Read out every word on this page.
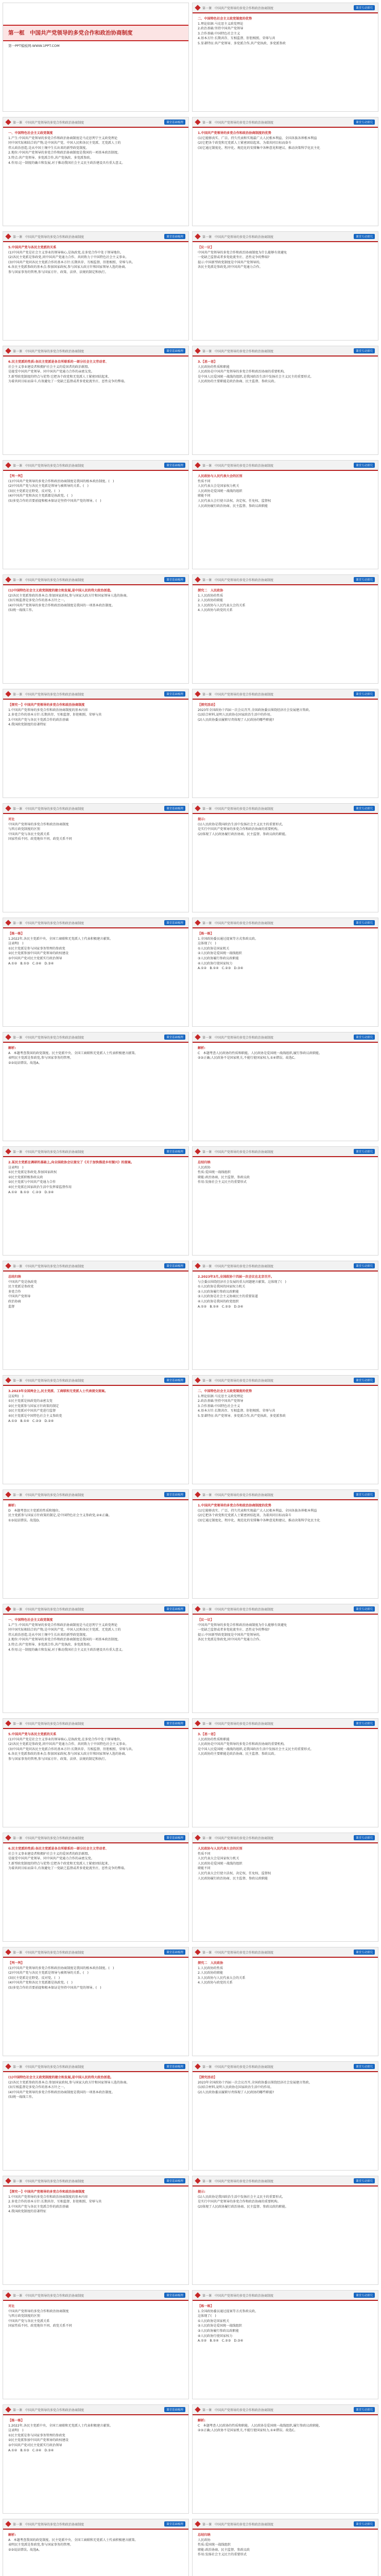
第一框　中国共产党领导的多党合作和政治协商制度
第一PPT模板网-WWW.1PPT.COM
第一课　中国共产党领导的多党合作和政治协商制度	课堂基础梳理

一、中国特色社会主义政党制度

1.产生:中国共产党领导的多党合作和政治协商制度是马克思列宁主义政党理论

同中国实际相结合的产物,是中国共产党、中国人民和各民主党派、无党派人士的

伟大政治创造,是从中国土壤中生长出来的新型政党制度。

2.地位:中国共产党领导的多党合作和政治协商制度是我国的一项基本政治制度。

3.特点:共产党领导、多党派合作,共产党执政、多党派参政。

4.作用:这一制度的确立和发展,对于推动我国社会主义民主政治建设具有重大意义。

第一课　中国共产党领导的多党合作和政治协商制度	课堂基础梳理

5.中国共产党与各民主党派的关系

(1)中国共产党是社会主义事业的领导核心,是执政党,在多党合作中处于领导地位。

(2)各民主党派是参政党,同中国共产党通力合作、共同致力于中国特色社会主义事业。

(3)中国共产党同各民主党派合作的基本方针:长期共存、互相监督、肝胆相照、荣辱与共。

6.各民主党派参政的基本点:参加国家政权,参与国家大政方针和国家领导人选的协商,

参与国家事务的管理,参与国家方针、政策、法律、法规的制定和执行。

第一课　中国共产党领导的多党合作和政治协商制度	课堂基础梳理

6.民主党派的性质:各民主党派是各自所联系的一部分社会主义劳动者、

社会主义事业建设者和拥护社会主义的爱国者的政治联盟,

是接受中国共产党领导、同中国共产党通力合作的亲密友党。

7.新型政党制度的特点与优势:它把各个政党和无党派人士紧密团结起来、

为着共同目标而奋斗,有效避免了一党缺乏监督或者多党轮流坐庄、恶性竞争的弊端。

第一课　中国共产党领导的多党合作和政治协商制度	课堂基础梳理

【判一判】

(1)中国共产党领导的多党合作和政治协商制度是我国的根本政治制度。(　)

(2)中国共产党与各民主党派是领导与被领导的关系。(　)

(3)民主党派是在野党、反对党。(　)

(4)中国共产党和各民主党派都是执政党。(　)

(5)多党合作的首要前提和根本保证是坚持中国共产党的领导。(　)

第一课　中国共产党领导的多党合作和政治协商制度	课堂基础梳理

(1)中国特色社会主义政党制度的建立和发展,是中国人民的伟大政治创造。

(2)各民主党派参政的基本点:参加国家政权,参与国家大政方针和国家领导人选的协商。

(3)互相监督是多党合作的基本方针之一。

(4)中国共产党领导的多党合作和政治协商制度是我国的一项基本政治制度。

(5)统一战线工作。

第一课　中国共产党领导的多党合作和政治协商制度	课堂基础梳理

【探究一】中国共产党领导的多党合作和政治协商制度

1.中国共产党领导的多党合作和政治协商制度的基本内容

2.多党合作的基本方针:长期共存、互相监督、肝胆相照、荣辱与共

3.中国共产党与各民主党派合作的政治基础

4.我国政党制度的显著特征

第一课　中国共产党领导的多党合作和政治协商制度	课堂基础梳理

对比

中国共产党领导的多党合作和政治协商制度

与西方政党制度的区别

中国共产党与各民主党派关系

国家性质不同、政党地位不同、政党关系不同

第一课　中国共产党领导的多党合作和政治协商制度	课堂基础梳理

【练一练】

1.2022年,各民主党派中央、全国工商联和无党派人士代表积极建言献策。

这表明(　)

①民主党派是参与国家事务管理的参政党

②民主党派参加中国共产党领导的政权建设

③中国共产党对民主党派实行政治领导

A.①②　B.①③　C.②④　D.③④

第一课　中国共产党领导的多党合作和政治协商制度	课堂基础梳理

解析:

A　本题考查我国的政党制度。民主党派中央、全国工商联和无党派人士代表积极建言献策,

表明民主党派是参政党,参与国家事务的管理。

②③说法错误。故选A。

第一课　中国共产党领导的多党合作和政治协商制度	课堂基础梳理

2.某民主党派在调研的基础上,向全国政协会议提交了《关于加快推进乡村振兴》的提案。

这表明(　)

①民主党派是参政党,参加国家政权

②民主党派积极参政议政

③民主党派与中国共产党通力合作

④民主党派在国家政治生活中发挥着监督作用

A.①②　B.①③　C.②③　D.③④

第一课　中国共产党领导的多党合作和政治协商制度	课堂基础梳理

总结归纳

中国共产党是执政党

民主党派是参政党

多党合作

中国共产党领导

政治协商

监督

第一课　中国共产党领导的多党合作和政治协商制度	课堂基础梳理

3.2023年全国两会上,民主党派、工商联和无党派人士代表提交提案。

这说明(　)

①民主党派是执政党的亲密友党

②民主党派参与国家方针政策的制定

③民主党派对中国共产党进行监督

④民主党派是中国特色社会主义参政党

A.①③　B.①④　C.②③　D.②④

第一课　中国共产党领导的多党合作和政治协商制度	课堂基础梳理

解析:

D　本题考查民主党派的性质和地位。

民主党派参与国家方针政策的制定,是中国特色社会主义参政党,②④正确。

①③说法错误。故选D。

第一课　中国共产党领导的多党合作和政治协商制度	课堂互动探究

二、中国特色社会主义政党制度的优势

1.理论依据:马克思主义政党理论

2.政治基础:坚持中国共产党领导

3.合作基础:中国特色社会主义

4.基本方针:长期共存、互相监督、肝胆相照、荣辱与共

5.显著特征:共产党领导、多党派合作,共产党执政、多党派参政

第一课　中国共产党领导的多党合作和政治协商制度	课堂互动探究

1.中国共产党领导的多党合作和政治协商制度的优势

(1)它能够真实、广泛、持久代表和实现最广大人民根本利益、全国各族各界根本利益

(2)它把各个政党和无党派人士紧密团结起来、为着共同目标而奋斗

(3)它通过制度化、程序化、规范化的安排集中各种意见和建议、推动决策科学化民主化

第一课　中国共产党领导的多党合作和政治协商制度	课堂互动探究

【议一议】

中国共产党领导的多党合作和政治协商制度为什么能够有效避免

一党缺乏监督或者多党轮流坐庄、恶性竞争的弊端?

提示:中国新型政党制度是中国共产党领导的,

各民主党派是参政党,同中国共产党通力合作。

第一课　中国共产党领导的多党合作和政治协商制度	课堂互动探究

3.【思一思】

人民政协的性质和职能

人民政协是中国共产党领导的多党合作和政治协商的重要机构,

是中国人民爱国统一战线的组织,是我国政治生活中发扬社会主义民主的重要形式。

人民政协的主要职能是政治协商、民主监督、参政议政。

第一课　中国共产党领导的多党合作和政治协商制度	课堂互动探究

人民政协与人民代表大会的区别

性质不同

人民代表大会是国家权力机关

人民政协是爱国统一战线的组织

职能不同

人民代表大会行使立法权、决定权、任免权、监督权

人民政协履行政治协商、民主监督、参政议政职能

第一课　中国共产党领导的多党合作和政治协商制度	课堂互动探究

探究二　人民政协

1.人民政协的性质

2.人民政协的职能

3.人民政协与人民代表大会的关系

4.人民政协与政党的关系

第一课　中国共产党领导的多党合作和政治协商制度	课堂互动探究

【探究活动】

2023年全国政协十四届一次会议召开,全国政协委员围绕经济社会发展建言资政。

(1)结合材料,说明人民政协在国家政治生活中的作用。

(2)人民政协委员履职尽责体现了人民政协的哪些职能?

第一课　中国共产党领导的多党合作和政治协商制度	课堂互动探究

提示:

(1)人民政协是我国政治生活中发扬社会主义民主的重要形式,

是实行中国共产党领导的多党合作和政治协商的重要机构。

(2)体现了人民政协履行政治协商、民主监督、参政议政的职能。

第一课　中国共产党领导的多党合作和政治协商制度	课堂互动探究

【练一练】

1.全国政协委员通过提案等方式参政议政。

这体现了(　)

①人民政协是国家机关

②人民政协是爱国统一战线组织

③人民政协履行参政议政职能

④人民政协行使国家权力

A.①②　B.①④　C.②③　D.③④

第一课　中国共产党领导的多党合作和政治协商制度	课堂互动探究

解析:

C　本题考查人民政协的性质和职能。人民政协是爱国统一战线组织,履行参政议政职能,

②③正确;人民政协不是国家机关,不能行使国家权力,①④错误。故选C。

第一课　中国共产党领导的多党合作和政治协商制度	课堂互动探究

总结归纳

人民政协

性质:爱国统一战线组织

职能:政治协商、民主监督、参政议政

作用:发扬社会主义民主的重要形式

第一课　中国共产党领导的多党合作和政治协商制度	课堂互动探究

2.2023年3月,全国政协十四届一次会议在北京召开。

与会委员围绕经济社会发展的重大问题建言献策。这体现了(　)

①人民政协是我国的国家权力机关

②人民政协履行参政议政职能

③人民政协是社会主义协商民主的重要渠道

④人民政协是我国的政党组织

A.①②　B.①④　C.②③　D.③④

第一课　中国共产党领导的多党合作和政治协商制度	课堂互动探究

二、中国特色社会主义政党制度的优势

1.理论依据:马克思主义政党理论

2.政治基础:坚持中国共产党领导

3.合作基础:中国特色社会主义

4.基本方针:长期共存、互相监督、肝胆相照、荣辱与共

5.显著特征:共产党领导、多党派合作,共产党执政、多党派参政

第一课　中国共产党领导的多党合作和政治协商制度	课堂互动探究

1.中国共产党领导的多党合作和政治协商制度的优势

(1)它能够真实、广泛、持久代表和实现最广大人民根本利益、全国各族各界根本利益

(2)它把各个政党和无党派人士紧密团结起来、为着共同目标而奋斗

(3)它通过制度化、程序化、规范化的安排集中各种意见和建议、推动决策科学化民主化

第一课　中国共产党领导的多党合作和政治协商制度	课堂互动探究

【议一议】

中国共产党领导的多党合作和政治协商制度为什么能够有效避免

一党缺乏监督或者多党轮流坐庄、恶性竞争的弊端?

提示:中国新型政党制度是中国共产党领导的,

各民主党派是参政党,同中国共产党通力合作。

第一课　中国共产党领导的多党合作和政治协商制度	课堂互动探究

3.【思一思】

人民政协的性质和职能

人民政协是中国共产党领导的多党合作和政治协商的重要机构,

是中国人民爱国统一战线的组织,是我国政治生活中发扬社会主义民主的重要形式。

人民政协的主要职能是政治协商、民主监督、参政议政。

第一课　中国共产党领导的多党合作和政治协商制度	课堂互动探究

人民政协与人民代表大会的区别

性质不同

人民代表大会是国家权力机关

人民政协是爱国统一战线的组织

职能不同

人民代表大会行使立法权、决定权、任免权、监督权

人民政协履行政治协商、民主监督、参政议政职能

第一课　中国共产党领导的多党合作和政治协商制度	课堂互动探究

探究二　人民政协

1.人民政协的性质

2.人民政协的职能

3.人民政协与人民代表大会的关系

4.人民政协与政党的关系

第一课　中国共产党领导的多党合作和政治协商制度	课堂互动探究

【探究活动】

2023年全国政协十四届一次会议召开,全国政协委员围绕经济社会发展建言资政。

(1)结合材料,说明人民政协在国家政治生活中的作用。

(2)人民政协委员履职尽责体现了人民政协的哪些职能?

第一课　中国共产党领导的多党合作和政治协商制度	课堂互动探究

提示:

(1)人民政协是我国政治生活中发扬社会主义民主的重要形式,

是实行中国共产党领导的多党合作和政治协商的重要机构。

(2)体现了人民政协履行政治协商、民主监督、参政议政的职能。

第一课　中国共产党领导的多党合作和政治协商制度	课堂互动探究

【练一练】

1.全国政协委员通过提案等方式参政议政。

这体现了(　)

①人民政协是国家机关

②人民政协是爱国统一战线组织

③人民政协履行参政议政职能

④人民政协行使国家权力

A.①②　B.①④　C.②③　D.③④

第一课　中国共产党领导的多党合作和政治协商制度	课堂互动探究

解析:

C　本题考查人民政协的性质和职能。人民政协是爱国统一战线组织,履行参政议政职能,

②③正确;人民政协不是国家机关,不能行使国家权力,①④错误。故选C。

第一课　中国共产党领导的多党合作和政治协商制度	课堂互动探究

总结归纳

人民政协

性质:爱国统一战线组织

职能:政治协商、民主监督、参政议政

作用:发扬社会主义民主的重要形式

第一课　中国共产党领导的多党合作和政治协商制度	课堂基础梳理

一、中国特色社会主义政党制度

1.产生:中国共产党领导的多党合作和政治协商制度是马克思列宁主义政党理论

同中国实际相结合的产物,是中国共产党、中国人民和各民主党派、无党派人士的

伟大政治创造,是从中国土壤中生长出来的新型政党制度。

2.地位:中国共产党领导的多党合作和政治协商制度是我国的一项基本政治制度。

3.特点:共产党领导、多党派合作,共产党执政、多党派参政。

4.作用:这一制度的确立和发展,对于推动我国社会主义民主政治建设具有重大意义。

第一课　中国共产党领导的多党合作和政治协商制度	课堂基础梳理

5.中国共产党与各民主党派的关系

(1)中国共产党是社会主义事业的领导核心,是执政党,在多党合作中处于领导地位。

(2)各民主党派是参政党,同中国共产党通力合作、共同致力于中国特色社会主义事业。

(3)中国共产党同各民主党派合作的基本方针:长期共存、互相监督、肝胆相照、荣辱与共。

6.各民主党派参政的基本点:参加国家政权,参与国家大政方针和国家领导人选的协商,

参与国家事务的管理,参与国家方针、政策、法律、法规的制定和执行。

第一课　中国共产党领导的多党合作和政治协商制度	课堂基础梳理

6.民主党派的性质:各民主党派是各自所联系的一部分社会主义劳动者、

社会主义事业建设者和拥护社会主义的爱国者的政治联盟,

是接受中国共产党领导、同中国共产党通力合作的亲密友党。

7.新型政党制度的特点与优势:它把各个政党和无党派人士紧密团结起来、

为着共同目标而奋斗,有效避免了一党缺乏监督或者多党轮流坐庄、恶性竞争的弊端。

第一课　中国共产党领导的多党合作和政治协商制度	课堂基础梳理

【判一判】

(1)中国共产党领导的多党合作和政治协商制度是我国的根本政治制度。(　)

(2)中国共产党与各民主党派是领导与被领导的关系。(　)

(3)民主党派是在野党、反对党。(　)

(4)中国共产党和各民主党派都是执政党。(　)

(5)多党合作的首要前提和根本保证是坚持中国共产党的领导。(　)

第一课　中国共产党领导的多党合作和政治协商制度	课堂基础梳理

(1)中国特色社会主义政党制度的建立和发展,是中国人民的伟大政治创造。

(2)各民主党派参政的基本点:参加国家政权,参与国家大政方针和国家领导人选的协商。

(3)互相监督是多党合作的基本方针之一。

(4)中国共产党领导的多党合作和政治协商制度是我国的一项基本政治制度。

(5)统一战线工作。

第一课　中国共产党领导的多党合作和政治协商制度	课堂基础梳理

【探究一】中国共产党领导的多党合作和政治协商制度

1.中国共产党领导的多党合作和政治协商制度的基本内容

2.多党合作的基本方针:长期共存、互相监督、肝胆相照、荣辱与共

3.中国共产党与各民主党派合作的政治基础

4.我国政党制度的显著特征

第一课　中国共产党领导的多党合作和政治协商制度	课堂基础梳理

对比

中国共产党领导的多党合作和政治协商制度

与西方政党制度的区别

中国共产党与各民主党派关系

国家性质不同、政党地位不同、政党关系不同

第一课　中国共产党领导的多党合作和政治协商制度	课堂基础梳理

【练一练】

1.2022年,各民主党派中央、全国工商联和无党派人士代表积极建言献策。

这表明(　)

①民主党派是参与国家事务管理的参政党

②民主党派参加中国共产党领导的政权建设

③中国共产党对民主党派实行政治领导

A.①②　B.①③　C.②④　D.③④

第一课　中国共产党领导的多党合作和政治协商制度	课堂基础梳理

解析:

A　本题考查我国的政党制度。民主党派中央、全国工商联和无党派人士代表积极建言献策,

表明民主党派是参政党,参与国家事务的管理。

②③说法错误。故选A。
